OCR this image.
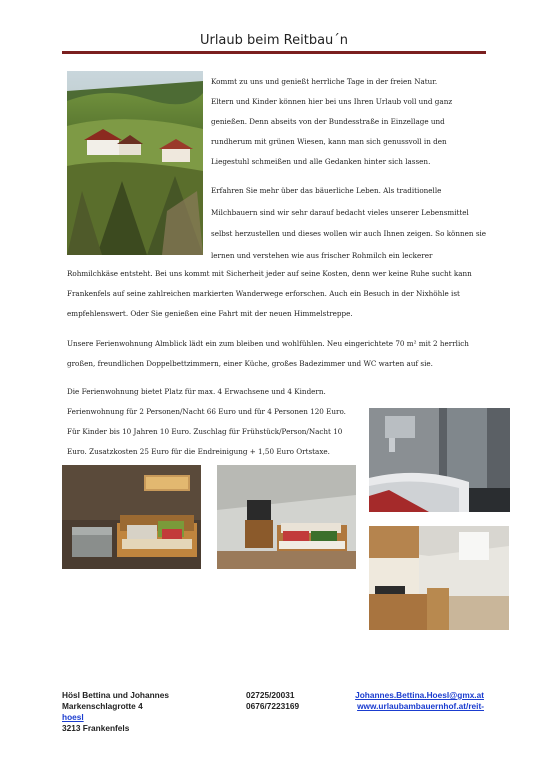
Urlaub beim Reitbau´n
Kommt zu uns und genießt herrliche Tage in der freien Natur.
Eltern und Kinder können hier bei uns Ihren Urlaub voll und ganz
genießen. Denn abseits von der Bundesstraße in Einzellage und
rundherum mit grünen Wiesen, kann man sich genussvoll in den
Liegestuhl schmeißen und alle Gedanken hinter sich lassen.
Erfahren Sie mehr über das bäuerliche Leben. Als traditionelle
Milchbauern sind wir sehr darauf bedacht vieles unserer Lebensmittel
selbst herzustellen und dieses wollen wir auch Ihnen zeigen. So können sie
lernen und verstehen wie aus frischer Rohmilch ein leckerer
Rohmilchkäse entsteht. Bei uns kommt mit Sicherheit jeder auf seine Kosten, denn wer keine Ruhe sucht kann
Frankenfels auf seine zahlreichen markierten Wanderwege erforschen. Auch ein Besuch in der Nixhöhle ist
empfehlenswert. Oder Sie genießen eine Fahrt mit der neuen Himmelstreppe.
Unsere Ferienwohnung Almblick lädt ein zum bleiben und wohlfühlen. Neu eingerichtete 70 m² mit 2 herrlich
großen, freundlichen Doppelbettzimmern, einer Küche, großes Badezimmer und WC warten auf sie.
Die Ferienwohnung bietet Platz für max. 4 Erwachsene und 4 Kindern.
Ferienwohnung für 2 Personen/Nacht 66 Euro und für 4 Personen 120 Euro.
Für Kinder bis 10 Jahren 10 Euro. Zuschlag für Frühstück/Person/Nacht 10
Euro. Zusatzkosten 25 Euro für die Endreinigung + 1,50 Euro Ortstaxe.
Hösl Bettina und Johannes
Markenschlagrotte 4
hoesl
3213 Frankenfels
02725/20031
0676/7223169
Johannes.Bettina.Hoesl@gmx.at
www.urlaubambauernhof.at/reit-
